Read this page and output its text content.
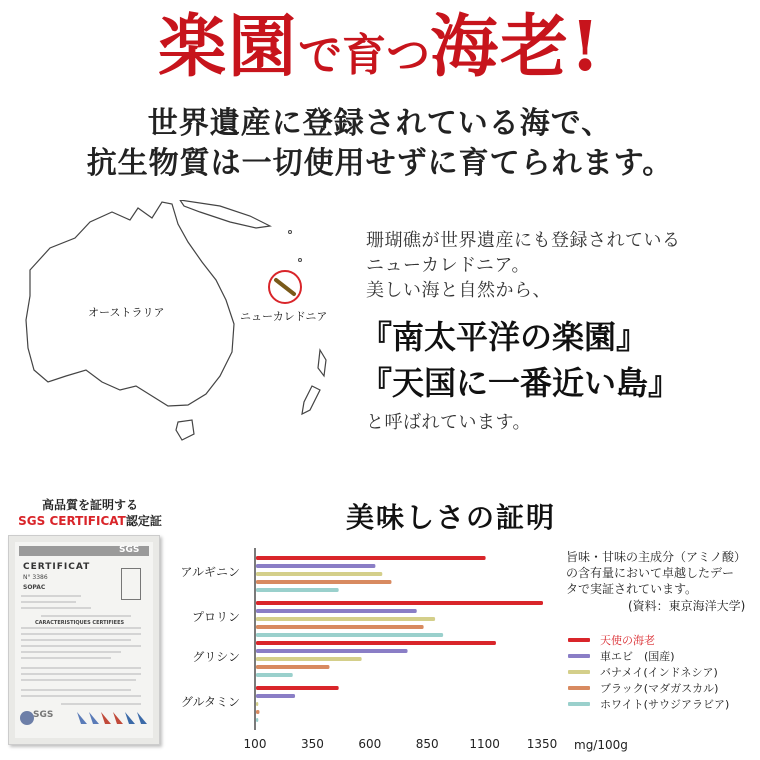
楽園で育つ海老!
世界遺産に登録されている海で、
抗生物質は一切使用せずに育てられます。
オーストラリア	ニューカレドニア
珊瑚礁が世界遺産にも登録されている
ニューカレドニア。
美しい海と自然から、
『南太平洋の楽園』
『天国に一番近い島』
と呼ばれています。
高品質を証明する
SGS CERTIFICAT認定証
SGS
CERTIFICAT
N° 3386
SOPAC
CARACTERISTIQUES CERTIFIEES
SGS
美味しさの証明
旨味・甘味の主成分（アミノ酸）
の含有量において卓越したデー
タで実証されています。
(資料：東京海洋大学)
天使の海老
車エビ　(国産)
バナメイ(インドネシア)
ブラック(マダガスカル)
ホワイト(サウジアラビア)
アルギニン
プロリン
グリシン
グルタミン
100	350	600	850	1100 1350 mg/100g
